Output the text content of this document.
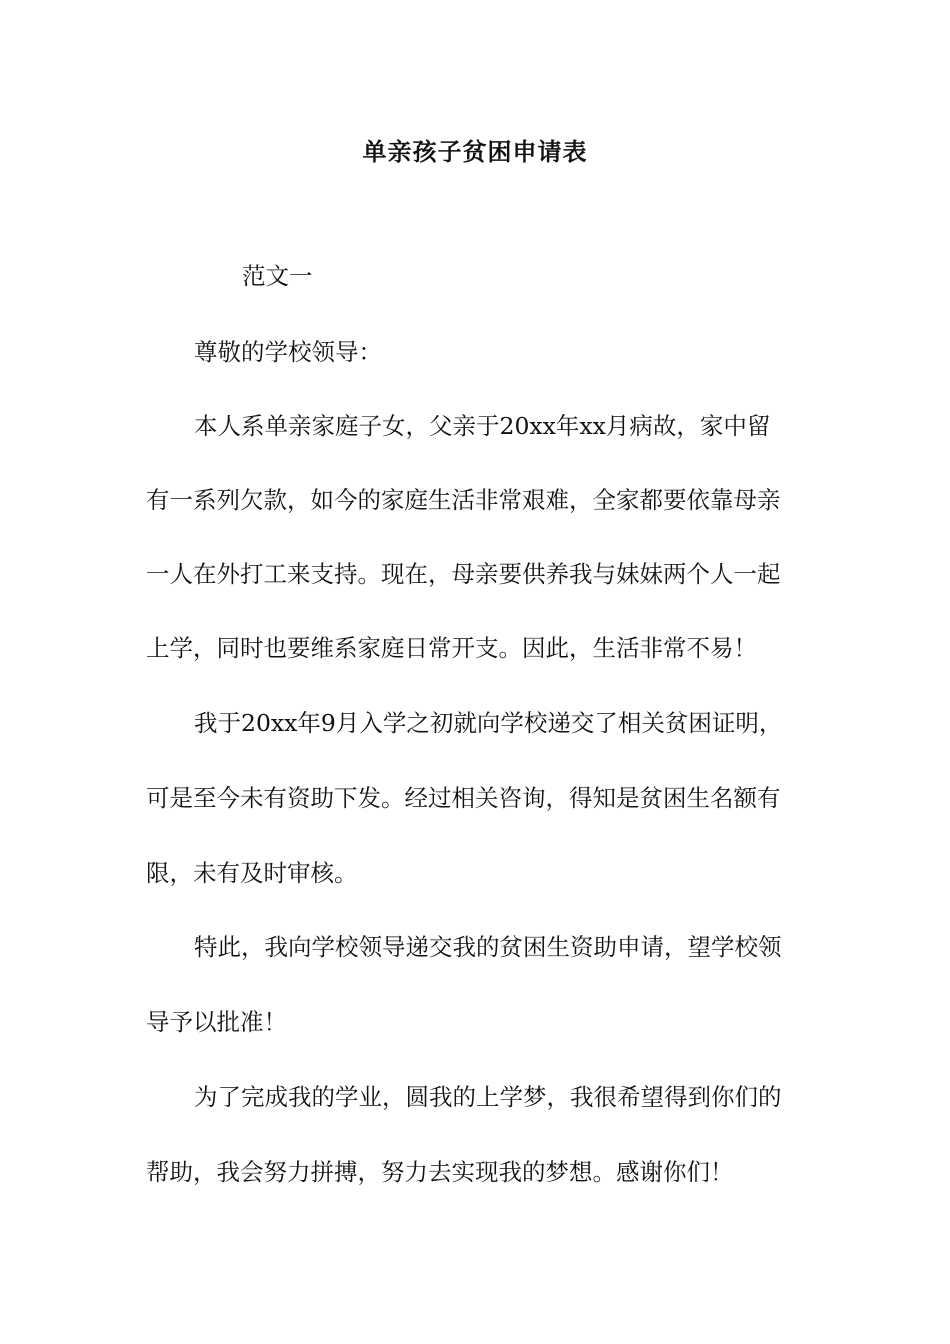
单亲孩子贫困申请表
范文一
尊敬的学校领导：
本人系单亲家庭子女，父亲于20xx年xx月病故，家中留
有一系列欠款，如今的家庭生活非常艰难，全家都要依靠母亲
一人在外打工来支持。现在，母亲要供养我与妹妹两个人一起
上学，同时也要维系家庭日常开支。因此，生活非常不易！
我于20xx年9月入学之初就向学校递交了相关贫困证明，
可是至今未有资助下发。经过相关咨询，得知是贫困生名额有
限，未有及时审核。
特此，我向学校领导递交我的贫困生资助申请，望学校领
导予以批准！
为了完成我的学业，圆我的上学梦，我很希望得到你们的
帮助，我会努力拼搏，努力去实现我的梦想。感谢你们！
